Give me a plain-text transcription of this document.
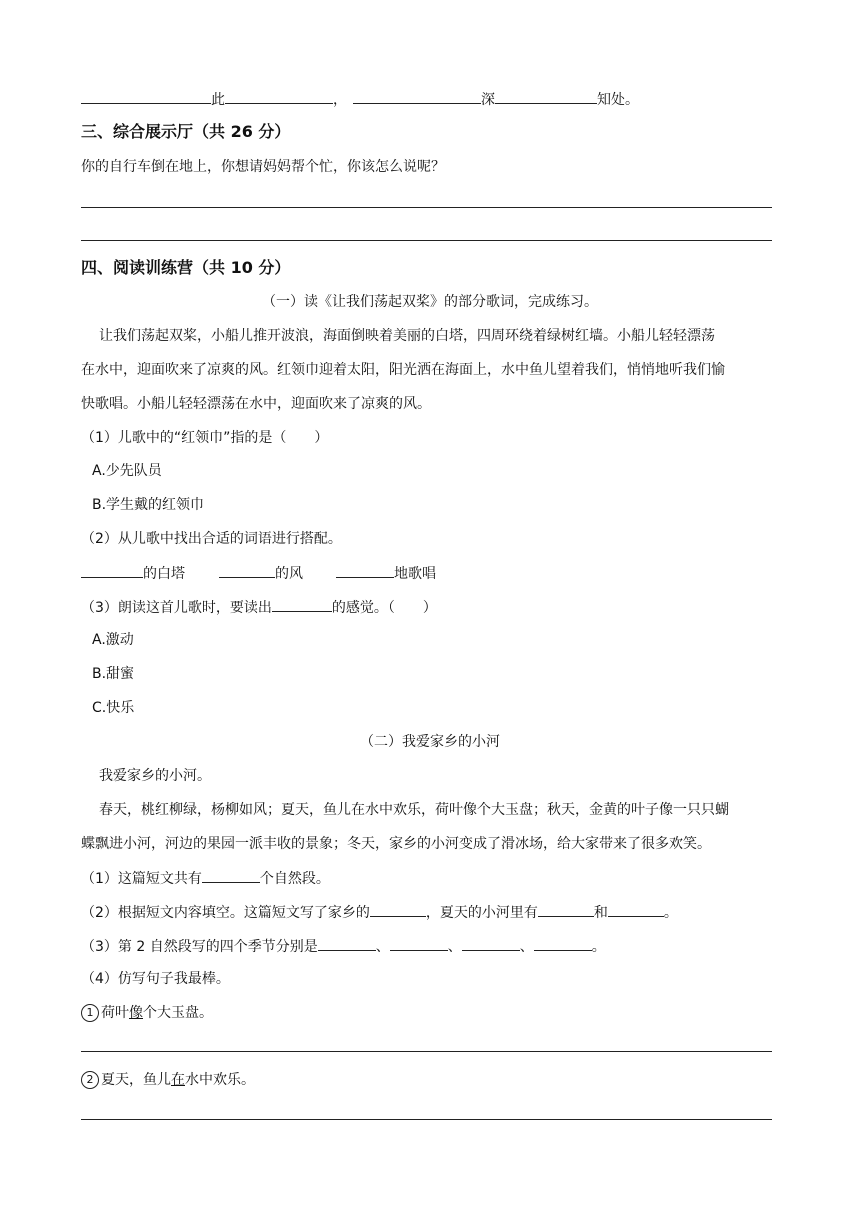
此	，	深	知处。
三、综合展示厅（共 26 分）
你的自行车倒在地上，你想请妈妈帮个忙，你该怎么说呢？
四、阅读训练营（共 10 分）
（一）读《让我们荡起双桨》的部分歌词，完成练习。
让我们荡起双桨，小船儿推开波浪，海面倒映着美丽的白塔，四周环绕着绿树红墙。小船儿轻轻漂荡
在水中，迎面吹来了凉爽的风。红领巾迎着太阳，阳光洒在海面上，水中鱼儿望着我们，悄悄地听我们愉
快歌唱。小船儿轻轻漂荡在水中，迎面吹来了凉爽的风。
（1）儿歌中的“红领巾”指的是（　　）
A.少先队员
B.学生戴的红领巾
（2）从儿歌中找出合适的词语进行搭配。
的白塔	的风	地歌唱
（3）朗读这首儿歌时，要读出	的感觉。（　　）
A.激动
B.甜蜜
C.快乐
（二）我爱家乡的小河
我爱家乡的小河。
春天，桃红柳绿，杨柳如风；夏天，鱼儿在水中欢乐，荷叶像个大玉盘；秋天，金黄的叶子像一只只蝴
蝶飘进小河，河边的果园一派丰收的景象；冬天，家乡的小河变成了滑冰场，给大家带来了很多欢笑。
（1）这篇短文共有	个自然段。
（2）根据短文内容填空。这篇短文写了家乡的	，夏天的小河里有	和	。
（3）第 2 自然段写的四个季节分别是	、	、	、	。
（4）仿写句子我最棒。
1 荷叶像个大玉盘。
2 夏天，鱼儿在水中欢乐。
